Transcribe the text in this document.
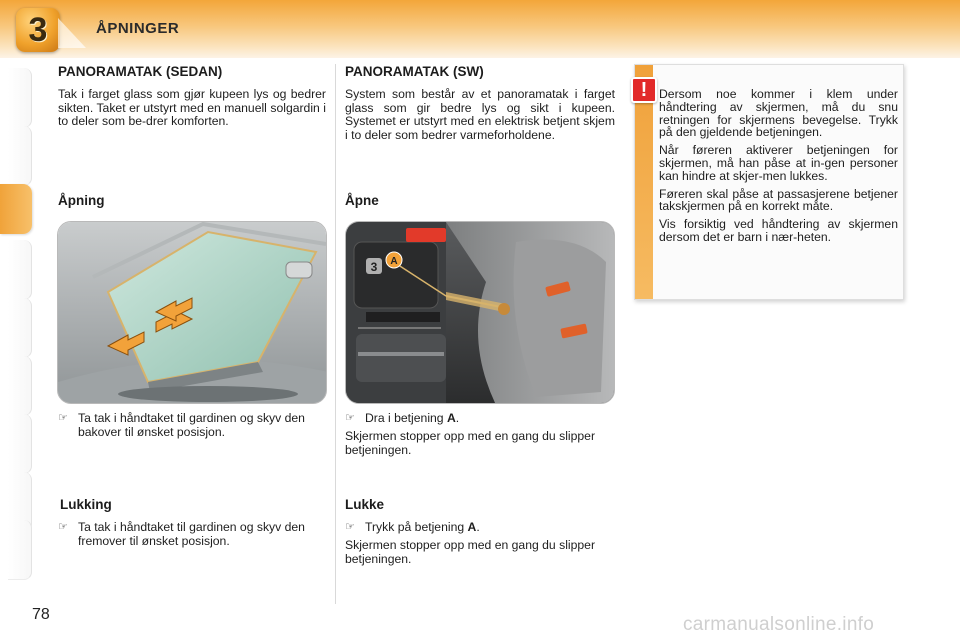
3	ÅPNINGER
PANORAMATAK (SEDAN)
Tak i farget glass som gjør kupeen lys og bedrer sikten. Taket er utstyrt med en manuell solgardin i to deler som be-drer komforten.
Åpning
☞ Ta tak i håndtaket til gardinen og skyv den bakover til ønsket posisjon.
Lukking
☞ Ta tak i håndtaket til gardinen og skyv den fremover til ønsket posisjon.
PANORAMATAK (SW)
System som består av et panoramatak i farget glass som gir bedre lys og sikt i kupeen. Systemet er utstyrt med en elektrisk betjent skjem i to deler som bedrer varmeforholdene.
Åpne
3 A
☞ Dra i betjening A.
Skjermen stopper opp med en gang du slipper betjeningen.
Lukke
☞ Trykk på betjening A.
Skjermen stopper opp med en gang du slipper betjeningen.
! Dersom noe kommer i klem under håndtering av skjermen, må du snu retningen for skjermens bevegelse. Trykk på den gjeldende betjeningen.

Når føreren aktiverer betjeningen for skjermen, må han påse at in-gen personer kan hindre at skjer-men lukkes.

Føreren skal påse at passasjerene betjener takskjermen på en korrekt måte.

Vis forsiktig ved håndtering av skjermen dersom det er barn i nær-heten.

78	carmanualsonline.info
